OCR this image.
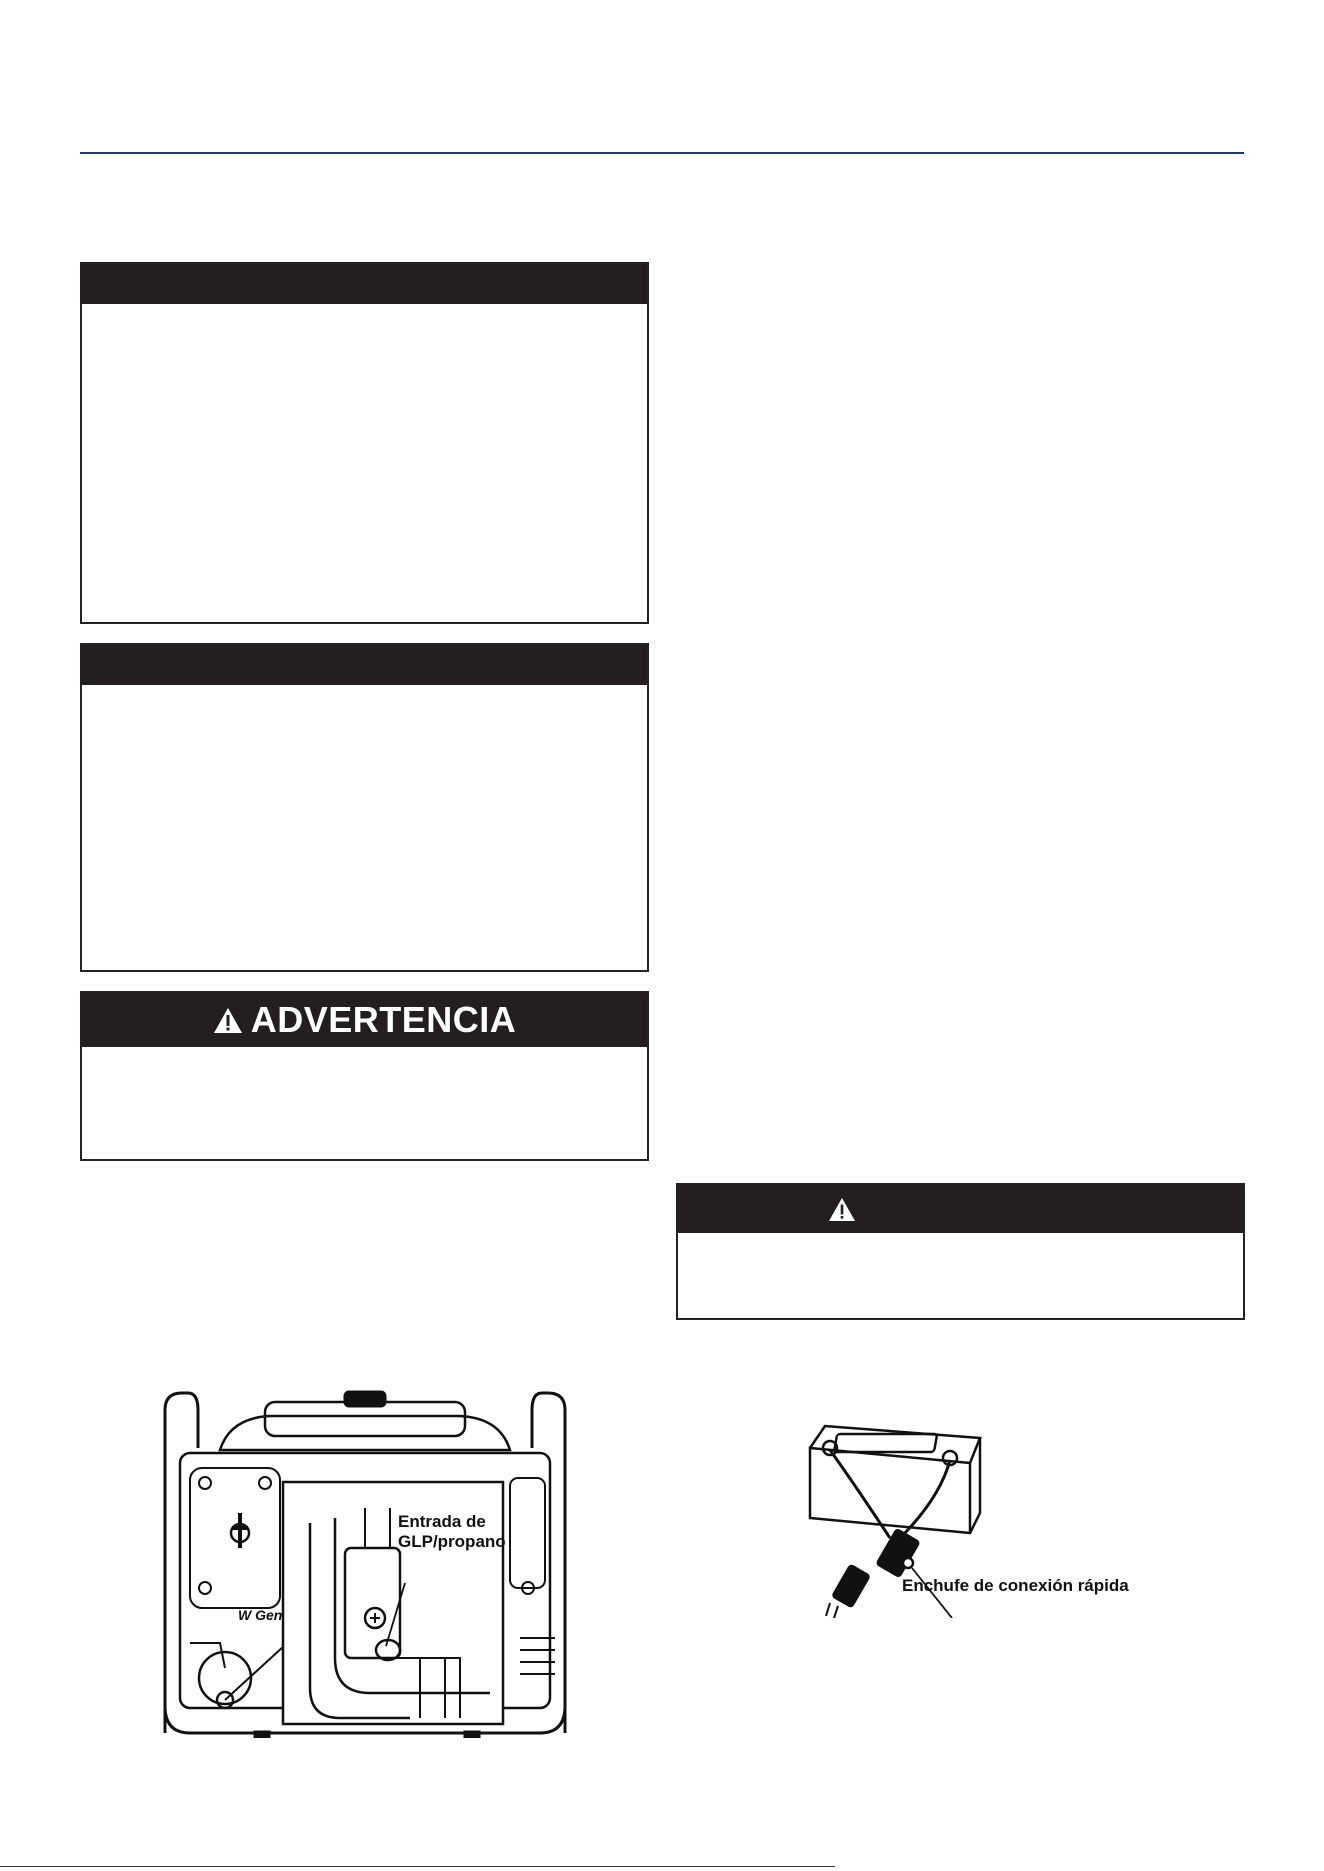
ADVERTENCIA
W Gen
Entrada de
GLP/propano
Enchufe de conexión rápida
